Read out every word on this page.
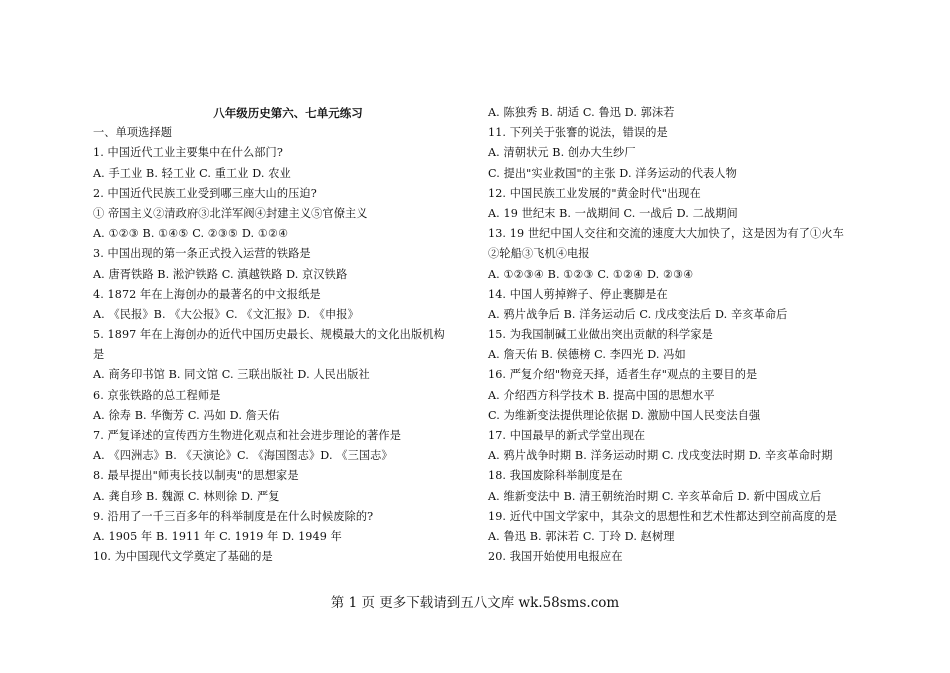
八年级历史第六、七单元练习
一、单项选择题
1. 中国近代工业主要集中在什么部门?
A. 手工业 B. 轻工业 C. 重工业 D. 农业
2. 中国近代民族工业受到哪三座大山的压迫?
① 帝国主义②清政府③北洋军阀④封建主义⑤官僚主义
A. ①②③ B. ①④⑤ C. ②③⑤ D. ①②④
3. 中国出现的第一条正式投入运营的铁路是
A. 唐胥铁路 B. 淞沪铁路 C. 滇越铁路 D. 京汉铁路
4. 1872 年在上海创办的最著名的中文报纸是
A. 《民报》B. 《大公报》C. 《文汇报》D. 《申报》
5. 1897 年在上海创办的近代中国历史最长、规模最大的文化出版机构
是
A. 商务印书馆 B. 同文馆 C. 三联出版社 D. 人民出版社
6. 京张铁路的总工程师是
A. 徐寿 B. 华衡芳 C. 冯如 D. 詹天佑
7. 严复译述的宣传西方生物进化观点和社会进步理论的著作是
A. 《四洲志》B. 《天演论》C. 《海国图志》D. 《三国志》
8. 最早提出"师夷长技以制夷"的思想家是
A. 龚自珍 B. 魏源 C. 林则徐 D. 严复
9. 沿用了一千三百多年的科举制度是在什么时候废除的?
A. 1905 年 B. 1911 年 C. 1919 年 D. 1949 年
10. 为中国现代文学奠定了基础的是
A. 陈独秀 B. 胡适 C. 鲁迅 D. 郭沫若
11. 下列关于张謇的说法，错误的是
A. 清朝状元 B. 创办大生纱厂
C. 提出"实业救国"的主张 D. 洋务运动的代表人物
12. 中国民族工业发展的"黄金时代"出现在
A. 19 世纪末 B. 一战期间 C. 一战后 D. 二战期间
13. 19 世纪中国人交往和交流的速度大大加快了，这是因为有了①火车
②轮船③飞机④电报
A. ①②③④ B. ①②③ C. ①②④ D. ②③④
14. 中国人剪掉辫子、停止裹脚是在
A. 鸦片战争后 B. 洋务运动后 C. 戊戌变法后 D. 辛亥革命后
15. 为我国制碱工业做出突出贡献的科学家是
A. 詹天佑 B. 侯德榜 C. 李四光 D. 冯如
16. 严复介绍"物竞天择，适者生存"观点的主要目的是
A. 介绍西方科学技术 B. 提高中国的思想水平
C. 为维新变法提供理论依据 D. 激励中国人民变法自强
17. 中国最早的新式学堂出现在
A. 鸦片战争时期 B. 洋务运动时期 C. 戊戌变法时期 D. 辛亥革命时期
18. 我国废除科举制度是在
A. 维新变法中 B. 清王朝统治时期 C. 辛亥革命后 D. 新中国成立后
19. 近代中国文学家中，其杂文的思想性和艺术性都达到空前高度的是
A. 鲁迅 B. 郭沫若 C. 丁玲 D. 赵树理
20. 我国开始使用电报应在
第 1 页 更多下载请到五八文库 wk.58sms.com
